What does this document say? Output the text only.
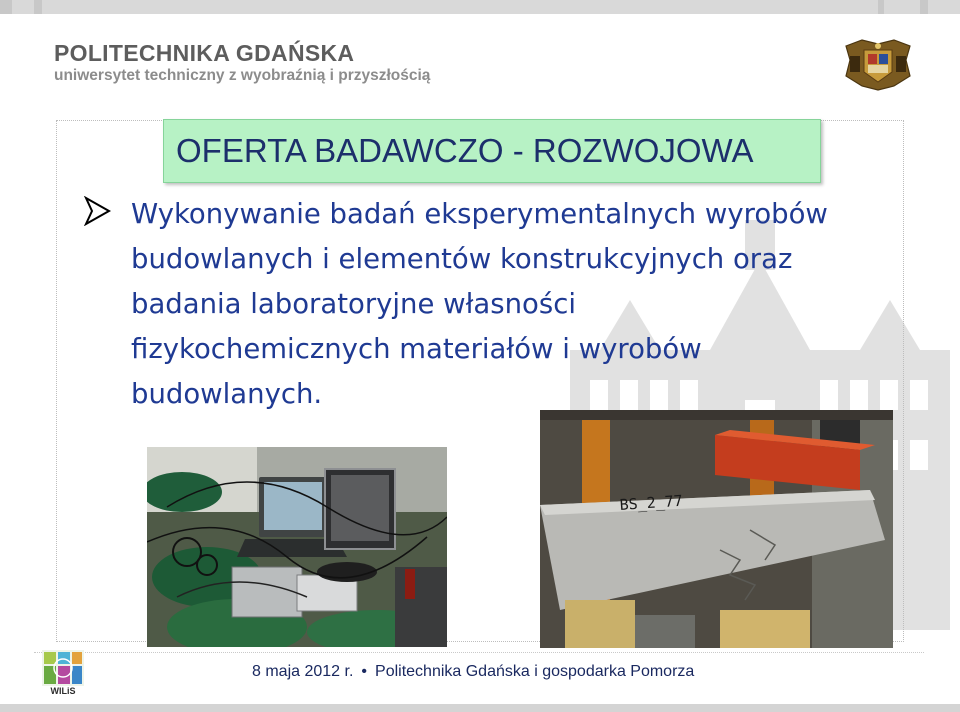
POLITECHNIKA GDAŃSKA
uniwersytet techniczny z wyobraźnią i przyszłością
OFERTA BADAWCZO - ROZWOJOWA
Wykonywanie badań eksperymentalnych wyrobów budowlanych i elementów konstrukcyjnych oraz badania laboratoryjne własności fizykochemicznych materiałów i wyrobów budowlanych.
BS_2_77
WILiS
8 maja 2012 r. • Politechnika Gdańska i gospodarka Pomorza
